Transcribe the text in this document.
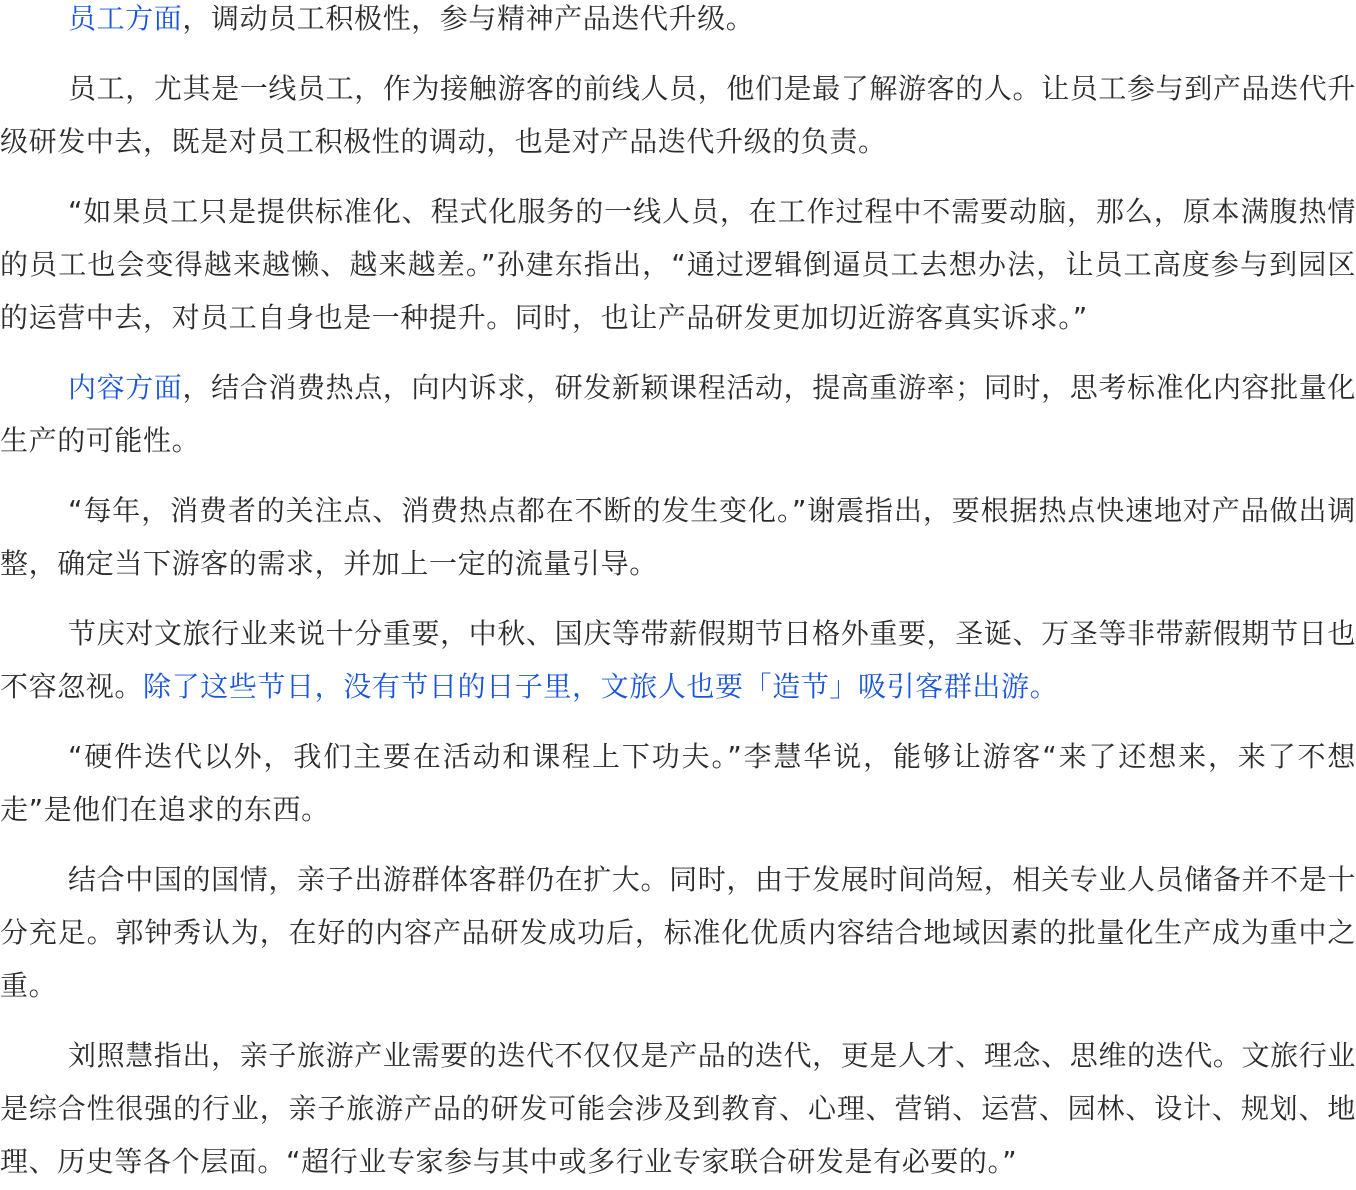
员工方面，调动员工积极性，参与精神产品迭代升级。

员工，尤其是一线员工，作为接触游客的前线人员，他们是最了解游客的人。让员工参与到产品迭代升级研发中去，既是对员工积极性的调动，也是对产品迭代升级的负责。

“如果员工只是提供标准化、程式化服务的一线人员，在工作过程中不需要动脑，那么，原本满腹热情的员工也会变得越来越懒、越来越差。”孙建东指出，“通过逻辑倒逼员工去想办法，让员工高度参与到园区的运营中去，对员工自身也是一种提升。同时，也让产品研发更加切近游客真实诉求。”

内容方面，结合消费热点，向内诉求，研发新颖课程活动，提高重游率；同时，思考标准化内容批量化生产的可能性。

“每年，消费者的关注点、消费热点都在不断的发生变化。”谢震指出，要根据热点快速地对产品做出调整，确定当下游客的需求，并加上一定的流量引导。

节庆对文旅行业来说十分重要，中秋、国庆等带薪假期节日格外重要，圣诞、万圣等非带薪假期节日也不容忽视。除了这些节日，没有节日的日子里，文旅人也要「造节」吸引客群出游。

“硬件迭代以外，我们主要在活动和课程上下功夫。”李慧华说，能够让游客“来了还想来，来了不想走”是他们在追求的东西。

结合中国的国情，亲子出游群体客群仍在扩大。同时，由于发展时间尚短，相关专业人员储备并不是十分充足。郭钟秀认为，在好的内容产品研发成功后，标准化优质内容结合地域因素的批量化生产成为重中之重。

刘照慧指出，亲子旅游产业需要的迭代不仅仅是产品的迭代，更是人才、理念、思维的迭代。文旅行业是综合性很强的行业，亲子旅游产品的研发可能会涉及到教育、心理、营销、运营、园林、设计、规划、地理、历史等各个层面。“超行业专家参与其中或多行业专家联合研发是有必要的。”
